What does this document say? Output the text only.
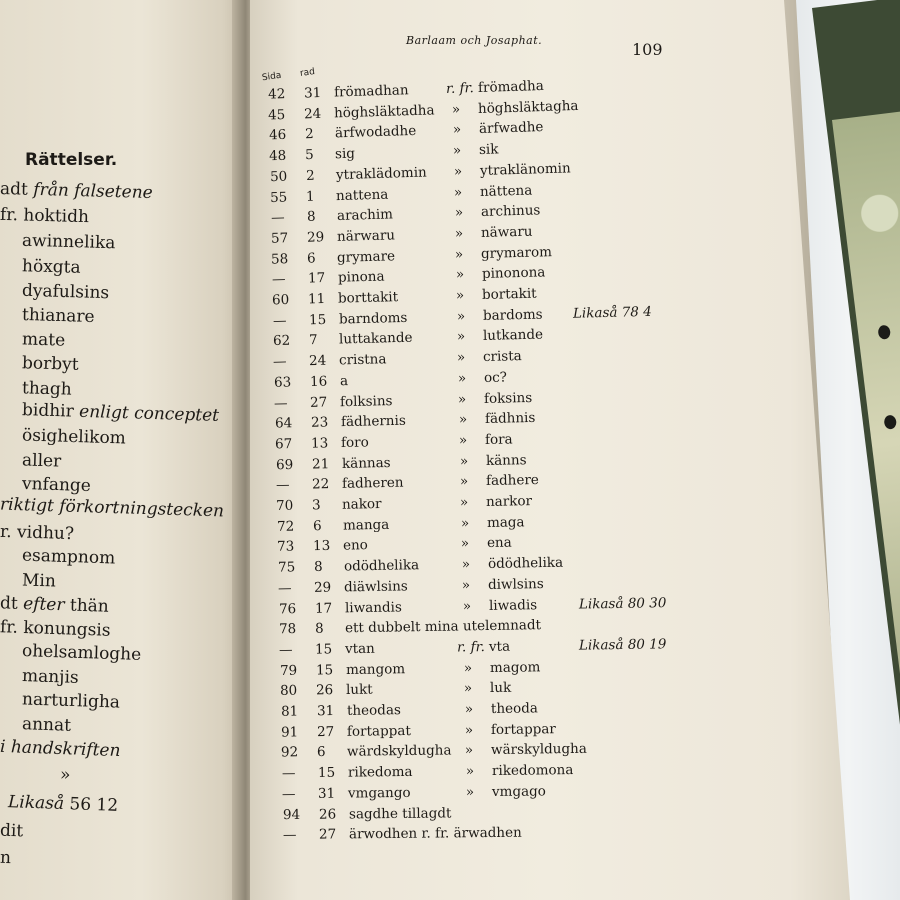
Rättelser.
adt från falsetene
fr. hoktidh
awinnelika
höxgta
dyafulsins
thianare
mate
borbyt
thagh
bidhir enligt conceptet
ösighelikom
aller
vnfange
riktigt förkortningstecken
r. vidhu?
esampnom
Min
dt efter thän
fr. konungsis
ohelsamloghe
manjis
narturligha
annat
i handskriften
»
Likaså 56 12
dit
n
Barlaam och Josaphat.	109
Sida rad
42	31 frömadhan	r. fr. frömadha
45	24 höghsläktadha	»	höghsläktagha
46	2	ärfwodadhe	»	ärfwadhe
48	5	sig	»	sik
50	2	ytraklädomin	»	ytraklänomin
55	1	nattena	»	nättena
—	8	arachim	»	archinus
57	29 närwaru	»	näwaru
58	6	grymare	»	grymarom
—	17 pinona	»	pinonona
60	11 borttakit	»	bortakit
—	15 barndoms	»	bardoms Likaså 78 4
62	7	luttakande	»	lutkande
—	24 cristna	»	crista
63	16 a	»	oc?
—	27 folksins	»	foksins
64	23 fädhernis	»	fädhnis
67	13 foro	»	fora
69	21 kännas	»	känns
—	22 fadheren	»	fadhere
70	3	nakor	»	narkor
72	6	manga	»	maga
73	13 eno	»	ena
75	8	odödhelika	»	ödödhelika
—	29 diäwlsins	»	diwlsins
76	17 liwandis	»	liwadis	Likaså 80 30
78	8	ett dubbelt mina utelemnadt
—	15 vtan	r. fr. vta	Likaså 80 19
79	15 mangom	»	magom
80	26 lukt	»	luk
81	31 theodas	»	theoda
91	27 fortappat	»	fortappar
92	6	wärdskyldugha »	wärskyldugha
—	15 rikedoma	»	rikedomona
—	31 vmgango	»	vmgago
94	26 sagdhe tillagdt
—	27 ärwodhen r. fr. ärwadhen
